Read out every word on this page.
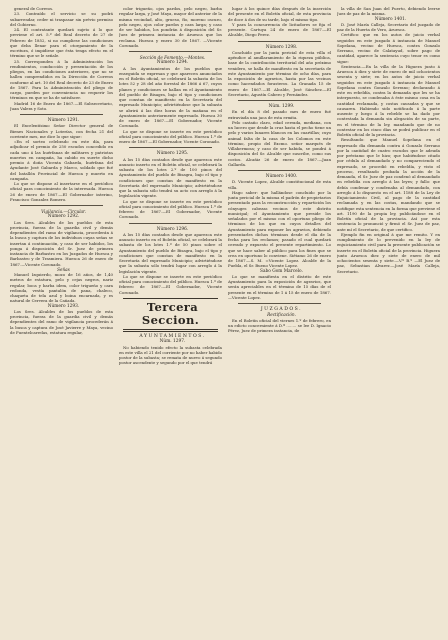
general de Correos.

23. Contraído el servicio se su podrá subarrendar, ceder ni traspasar sin prévio permiso del Gobierno.

24. El contratante quedará sujeto á lo que previene el art. 5.º del Real decreto de 27 de Febrero de 1852, si no cumpliese las condiciones que deba llenar para el otorgamiento de la escritura, ó impidiese que ésta tenga efecto en el término que se le señale.

25. Corresponden á la Administración los rendimientos, conducción y presentación de los pliegos, en las condiciones anteriores, que no se hallen comprendidos en la Dirección de Correos conforme al art. 10 del Real decreto de 23 de Enero de 1867. Para la Administración del pliego de cargo, pueden por conveniencia no requerir los términos en que se ha de satisfacer.

Madrid 16 de Enero de 1867.—El Subsecretario, Juan Valera y Soto.

Número 1291.

El Excelentísimo Señor Director general de Bienes Nacionales y Loterías, con fecha 21 del corriente mes, me dice lo que sigue:

«En el sorteo celebrado en este día, para adjudicar el premio de 250 escudos concedido en cada uno á las huérfanas de militares y patriotas muertos en campaña, ha cabido en suerte dicho premio á doña Vicenta Gabarda, huérfana del Ayudante José Gabarda y Marco, soldado que fué del batallón Provincial de Huesca y muerto en campaña.

Lo que se dispone al insertarse en el periódico oficial para conocimiento de la interesada. Huesca 26 de enero de 1867.—El Gobernador interino, Francisco Gonzalez Romero.

Vigilancia.—Circular.

Número 1292.

Los Sres. Alcaldes de los pueblos de esta provincia, fuerza de la guardia civil y demás dependientes del ramo de vigilancia, procederán á la busca y captura de los individuos cuyas señas se insertan á continuación, y caso de ser habidos, los ponga á disposición del Sr. Juez de primera instancia de Barbastro en los Juzgados de Huesca y Barbastro y de Trasmiera. Huesca 26 de enero de 1867.—Vicente Coronado.

Señas

Manuel Izquierdo, mozo de 16 años, de 1,40 metros de estatura, pelo y cejas negros, nariz regular, boca y barba idem, color trigueño y cara redonda, vestía pantalón de pana, chaleco, chaqueta de tela azul y boina encarnada, y es natural de Cervera de la Cañada.

Número 1293.

Los Sres. Alcaldes de los pueblos de esta provincia, fuerza de la guardia civil y demás dependientes del ramo de vigilancia procederán á la busca y captura de José Javierre y Maya, vecino de Fuentelcarrelas, estatura regular,

color trigueño, ojos pardos, pelo negro, barba regular larga, y José Maya, mayor del anterior de la misma vecindad, alto, grueso, fío, moreno oscuro, pelo negro, ojos color pardos y cara larga; y caso de ser habidos, los pondrán á disposición del Sr. Juez de primera instancia de Aruesca que los reclama. Huesca y enero 30 de 1867. —Vicente Coronado.

Sección de Fomento.—Montes.

Número 1294.

A los Ayuntamientos de los pueblos que enseguida se expresan y que aparecen anunciados en el Boletín oficial, se celebrará la subasta de los lotes 52 y 28 del año forestal de 1866 á 67, cuyos planes y condiciones se hallan en el Ayuntamiento del pueblo de Bisagra, bajo el tipo y condiciones que constan de manifiesto en la Secretaría del expresado Municipio; advirtiéndose que la subasta se abrirá á las diez horas de la mañana en el Ayuntamiento anteriormente expresado. Huesca 30 de enero de 1867.—El Gobernador, Vicente Coronado.

Lo que se dispone se inserte en este periódico oficial para conocimiento del público. Huesca 1.º de enero de 1867.—El Gobernador, Vicente Coronado.

Número 1295.

A los 15 días contados desde que aparezca este anuncio inserto en el Boletín oficial, se celebrará la subasta de los lotes 2.º de 100 pinos del Ayuntamiento del pueblo de Bisagra, bajo el tipo y condiciones que constan de manifiesto en la Secretaría del expresado Municipio; advirtiéndose que la subasta sólo tendrá su acto con arreglo á la legislación vigente.

Lo que se dispone se inserte en este periódico oficial para conocimiento del público. Huesca 1.º de febrero de 1867.—El Gobernador, Vicente Coronado.

Número 1296.

A los 15 días contados desde que aparezca este anuncio inserto en el Boletín oficial, se celebrará la subasta de los lotes 1.º de 50 pinos sobre el Ayuntamiento del pueblo de Bisagra, bajo el tipo y condiciones que constan de manifiesto en la Secretaría del expresado Municipio; advirtiéndose que la subasta sólo tendrá lugar con arreglo á la legislación vigente.

Lo que se dispone se inserte en este periódico oficial para conocimiento del público. Huesca 1.º de febrero de 1867.—El Gobernador, Vicente Coronado.

Tercera Seccion.

AYUNTAMIENTOS.

Núm. 1297.

No habiendo tenido efecto la subasta celebrada en este villa el 21 del corriente por no haber habido postor de la subasta; se remata de nuevo á segundo postor ascendente y segundo por el que tendrá

lugar á los quince días después de la inserción del presente en el Boletín oficial, de esta provincia de doce á dos de su tarde, bajo el mismo tipo.

Y para la concurrencia de licitadores se fija el presente. Cartuya 24 de enero de 1867.—El Alcalde, Diego Perez.

Número 1298.

Concluido por la junta pericial de esta villa el apéndice al amillaramiento de la riqueza pública, base de la contribución territorial del año próximo venidero, se halla de manifiesto en la secretaría de este Ayuntamiento por término de ocho días, para la exposición de agravios, hasta por las vecinos como hacendados forasteros. La Granada 15 de enero de 1867.—El Alcalde, José Sánchez.—El Secretario, Agustín Cabero y Fernández.

Núm. 1299.

En el día 8 del pasado mes de enero fué extraviada una jaca de esta ermita.

Pelo castaño claro, edad cerrada, mediana, con un lucero que desde la cruz hasta el pecho tiene un pelo y varios lunares blancos en las cuartillas; cuyo animal falta de la casa de los Colomos en este término, propio del Excmo. señor marqués de Villahermosa; y caso de ser habida, se pondrá á disposición del Sr. Alcalde que suscribe, como sus costos. Alcañiz 26 de enero de 1867.—Juan Gallarda.

Número 1400.

D. Vicente Lopez, Alcalde constitucional de esta villa.

Hago saber: que hallándose concluido por la junta pericial de la misma el padrón de propietarios presentado para la reconstrucción y repartición los cónyuges cabezas vecinos de este distrito municipal; el Ayuntamiento que preside los señalados por el mismo con el oportuno pliego de términos de los que en cuyos detalles del Ayuntamiento para exponer los agravios, debiendo presentarles dichos términos desde el día de la fecha para los reclamos; pasado el cual quedará cerrado y expuesto el presente repartimiento. Lo que se hace saber al público para los fines que se crea en oportuno lo conviene. Siétamo 26 de enero de 1867.—S. M. =Vicente Lopez. Alcalde de la Puebla, el Sr. Bueno Vicente Lopez.

Sabo Gom Marcelo.

Lo que se manifiesta en el distrito de este Ayuntamiento para la exposición de agravios, que serán apreciables en el término de 15 días de el presente en el término de 1 á 15 de enero de 1867.—Vicente Lopez.

JUZGADOS.

Rectificación.

En el Boletín oficial del viernes 1.º de febrero, en un edicto concerniente á D.ª ........ se lee D. Ignacio Pérez, Juez de primera instancia, de

la villa de San Juan del Puerto, debiendo leerse Juez de paz de la misma.

Número 1401.

D. José María Calleja, Secretario del juzgado de paz de la Huerta de Vero, Aruesca.

Certifico: que en los autos de juicio verbal seguidos en este juzgado á instancia de Manuel Sopelana, vecino de Huesca, contra Gonzalo Serrano, vecino de Calatayud, sobre pago de cantidad, aparece la sentencia cuyo tenor es como sigue:

Sentencia.—En la villa de la Higuera junto á Aruesca á diez y siete de enero de mil ochocientos sesenta y siete; en los autos de juicio verbal seguidos en este juzgado á instancia de Manuel Sopelana contra Gonzalo Serrano; declarando á este en rebeldía, contra la demanda que les se ha interpuesto, se condenaba á éste mismo cosa en la cantidad reclamada, y costas causadas y que se causaren. Habiendo sido notificado á la parte ausente y luego á la rebelde se ha dado por contestada la demanda sin alegación de su parte, en el término de la ley, mandando que de no contestar en los cinco días se podrá publicar en el Boletín oficial de la provincia.

Resultando: que Manuel Sopelana en el expresado día demanda contra á Gonzalo Serrano por la cantidad de cuatro escudos que le adeuda por préstamo que le hizo; que habiéndose citado por cédula al demandado y no compareciendo el expresado, se procedió en rebeldía, y visto el proceso, resultando probada la acción de la demanda, el Sr. Juez de paz condenó al demandado en rebeldía con arreglo á las leyes; y fallo: que debía condenar y condenaba al demandado, con arreglo á lo dispuesto en el art. 1188 de la Ley de Enjuiciamiento Civil, al pago de la cantidad reclamada y en las costas, mandando que se notifique esta sentencia en la forma que previene el art. 1190 de la propia ley, publicándose en el Boletín oficial de la provincia. Así por esta sentencia lo pronunció y firmó el Sr. Juez de paz, ante mí el Secretario, de que certifico.

Ejemplo fin en original á que me remito. Y en cumplimiento de lo prevenido en la ley de enjuiciamiento civil para la presente publicación se inserte en el Boletín oficial de la provincia. Higuera junto Aruesca diez y siete de enero de mil ochocientos sesenta y siete.—V.º B.º —El Juez de paz, Sebastian Alvarez.—José María Calleja, Secretario.
